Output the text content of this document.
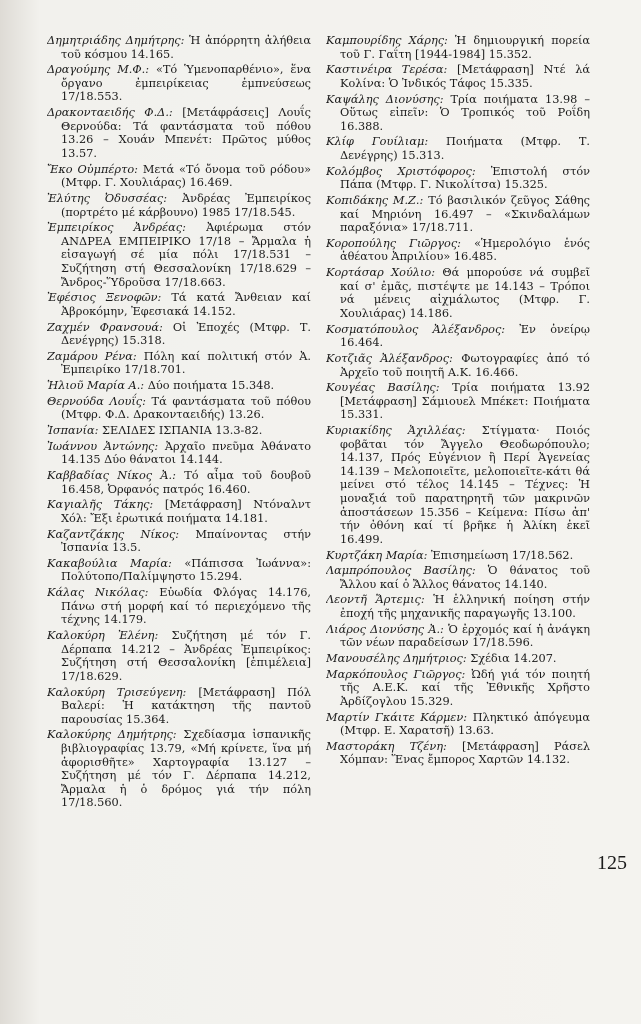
Δημητριάδης Δημήτρης: Ἡ ἀπόρρητη ἀλήθεια τοῦ κόσμου 14.165.

Δραγούμης Μ.Φ.: «Τό Ὑμενοπαρθένιο», ἕνα ὄργανο ἐμπειρίκειας ἐμπνεύσεως 17/18.553.

Δρακονταειδής Φ.Δ.: [Μετάφράσεις] Λουΐς Θερνούδα: Τά φαντάσματα τοῦ πόθου 13.26 – Χουάν Μπενέτ: Πρῶτος μύθος 13.57.

Ἔκο Οὐμπέρτο: Μετά «Τό ὄνομα τοῦ ρόδου» (Μτφρ. Γ. Χουλιάρας) 16.469.

Ἐλύτης Ὀδυσσέας: Ἀνδρέας Ἐμπειρίκος (πορτρέτο μέ κάρβουνο) 1985 17/18.545.

Ἐμπειρίκος Ἀνδρέας: Ἀφιέρωμα στόν ΑΝΔΡΕΑ ΕΜΠΕΙΡΙΚΟ 17/18 – Ἄρμαλα ἡ εἰσαγωγή σέ μία πόλι 17/18.531 – Συζήτηση στή Θεσσαλονίκη 17/18.629 – Ἄνδρος-Ὕδροῦσα 17/18.663.

Ἐφέσιος Ξενοφῶν: Τά κατά Ἄνθειαν καί Ἀβροκόμην, Ἐφεσιακά 14.152.

Ζαχμέν Φρανσουά: Οἱ Ἐποχές (Μτφρ. Τ. Δενέγρης) 15.318.

Ζαμάρου Ρένα: Πόλη καί πολιτική στόν Ἀ. Ἐμπειρίκο 17/18.701.

Ἡλιοῦ Μαρία Α.: Δύο ποιήματα 15.348.

Θερνούδα Λουΐς: Τά φαντάσματα τοῦ πόθου (Μτφρ. Φ.Δ. Δρακονταειδής) 13.26.

Ἰσπανία: ΣΕΛΙΔΕΣ ΙΣΠΑΝΙΑ 13.3-82.

Ἰωάννου Ἀντώνης: Ἀρχαῖο πνεῦμα Ἀθάνατο 14.135 Δύο θάνατοι 14.144.

Καββαδίας Νίκος Ἀ.: Τό αἷμα τοῦ δουβοῦ 16.458, Ὀρφανός πατρός 16.460.

Καγιαλῆς Τάκης: [Μετάφραση] Ντόναλντ Χόλ: Ἔξι ἐρωτικά ποιήματα 14.181.

Καζαντζάκης Νίκος: Μπαίνοντας στήν Ἰσπανία 13.5.

Κακαβούλια Μαρία: «Πάπισσα Ἰωάννα»: Πολύτοπο/Παλίμψηστο 15.294.

Κάλας Νικόλας: Εὐωδία Φλόγας 14.176, Πάνω στή μορφή καί τό περιεχόμενο τῆς τέχνης 14.179.

Καλοκύρη Ἐλένη: Συζήτηση μέ τόν Γ. Δέρπαπα 14.212 – Ἀνδρέας Ἐμπειρίκος: Συζήτηση στή Θεσσαλονίκη [ἐπιμέλεια] 17/18.629.

Καλοκύρη Τρισεύγενη: [Μετάφραση] Πόλ Βαλερί: Ἡ κατάκτηση τῆς παντοῦ παρουσίας 15.364.

Καλοκύρης Δημήτρης: Σχεδίασμα ἰσπανικῆς βιβλιογραφίας 13.79, «Μή κρίνετε, ἵνα μή ἀφορισθῆτε» Χαρτογραφία 13.127 – Συζήτηση μέ τόν Γ. Δέρπαπα 14.212, Ἄρμαλα ἡ ὁ δρόμος γιά τήν πόλη 17/18.560.

Καμπουρίδης Χάρης: Ἡ δημιουργική πορεία τοῦ Γ. Γαΐτη [1944-1984] 15.352.

Καστινέιρα Τερέσα: [Μετάφραση] Ντέ λά Κολίνα: Ὁ Ἰνδικός Τάφος 15.335.

Καψάλης Διονύσης: Τρία ποιήματα 13.98 – Οὕτως εἰπεῖν: Ὁ Τροπικός τοῦ Ροΐδη 16.388.

Κλίφ Γουίλιαμ: Ποιήματα (Μτφρ. Τ. Δενέγρης) 15.313.

Κολόμβος Χριστόφορος: Ἐπιστολή στόν Πάπα (Μτφρ. Γ. Νικολίτσα) 15.325.

Κοπιδάκης Μ.Ζ.: Τό βασιλικόν ζεῦγος Σάθης καί Μηριόνη 16.497 – «Σκινδαλάμων παραξόνια» 17/18.711.

Κοροπούλης Γιῶργος: «Ἡμερολόγιο ἑνός ἀθέατου Ἀπριλίου» 16.485.

Κορτάσαρ Χούλιο: Θά μπορούσε νά συμβεῖ καί σ' ἐμᾶς, πιστέψτε με 14.143 – Τρόποι νά μένεις αἰχμάλωτος (Μτφρ. Γ. Χουλιάρας) 14.186.

Κοσματόπουλος Ἀλέξανδρος: Ἐν ὀνείρῳ 16.464.

Κοτζιᾶς Ἀλέξανδρος: Φωτογραφίες ἀπό τό Ἀρχεῖο τοῦ ποιητῆ Α.Κ. 16.466.

Κουγέας Βασίλης: Τρία ποιήματα 13.92 [Μετάφραση] Σάμιουελ Μπέκετ: Ποιήματα 15.331.

Κυριακίδης Ἀχιλλέας: Στίγματα· Ποιός φοβᾶται τόν Ἄγγελο Θεοδωρόπουλο; 14.137, Πρός Εὐγένιον ἢ Περί Ἀγενείας 14.139 – Μελοποιεῖτε, μελοποιεῖτε-κάτι θά μείνει στό τέλος 14.145 – Τέχνες: Ἡ μοναξιά τοῦ παρατηρητῆ τῶν μακρινῶν ἀποστάσεων 15.356 – Κείμενα: Πίσω ἀπ' τήν ὀθόνη καί τί βρῆκε ἡ Ἀλίκη ἐκεῖ 16.499.

Κυρτζάκη Μαρία: Ἐπισημείωση 17/18.562.

Λαμπρόπουλος Βασίλης: Ὁ θάνατος τοῦ Ἄλλου καί ὁ Ἄλλος θάνατος 14.140.

Λεοντῆ Ἄρτεμις: Ἡ ἑλληνική ποίηση στήν ἐποχή τῆς μηχανικῆς παραγωγῆς 13.100.

Λιάρος Διονύσης Ἀ.: Ὁ ἐρχομός καί ἡ ἀνάγκη τῶν νέων παραδείσων 17/18.596.

Μανουσέλης Δημήτριος: Σχέδια 14.207.

Μαρκόπουλος Γιῶργος: Ὠδή γιά τόν ποιητή τῆς Α.Ε.Κ. καί τῆς Ἐθνικῆς Χρῆστο Ἀρδίζογλου 15.329.

Μαρτίν Γκάιτε Κάρμεν: Πληκτικό ἀπόγευμα (Μτφρ. Ε. Χαρατσῆ) 13.63.

Μαστοράκη Τζένη: [Μετάφραση] Ράσελ Χόμπαν: Ἕνας ἔμπορος Χαρτῶν 14.132.

125
